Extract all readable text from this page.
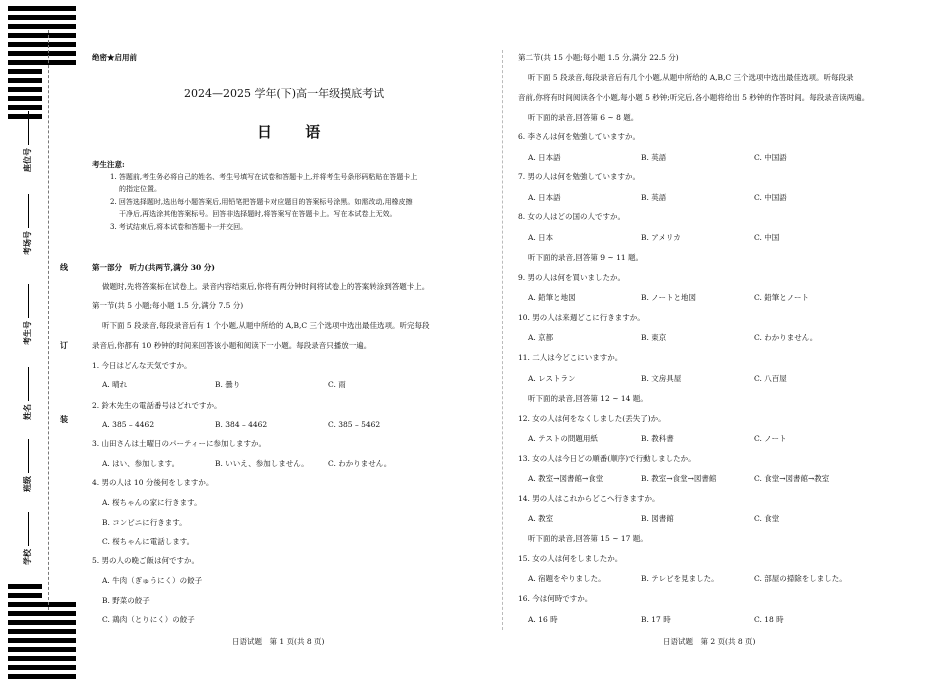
座位号
考场号
考生号
姓名
班级
学校
线
订
装
绝密★启用前
2024—2025 学年(下)高一年级摸底考试
日 语
考生注意:
1. 答题前,考生务必将自己的姓名、考生号填写在试卷和答题卡上,并将考生号条形码粘贴在答题卡上
的指定位置。
2. 回答选择题时,选出每小题答案后,用铅笔把答题卡对应题目的答案标号涂黑。如需改动,用橡皮擦
干净后,再选涂其他答案标号。回答非选择题时,将答案写在答题卡上。写在本试卷上无效。
3. 考试结束后,将本试卷和答题卡一并交回。
第一部分　听力(共两节,满分 30 分)
做题时,先将答案标在试卷上。录音内容结束后,你将有两分钟时间将试卷上的答案转涂到答题卡上。
第一节(共 5 小题;每小题 1.5 分,满分 7.5 分)
听下面 5 段录音,每段录音后有 1 个小题,从题中所给的 A,B,C 三个选项中选出最佳选项。听完每段
录音后,你都有 10 秒钟的时间来回答该小题和阅读下一小题。每段录音只播放一遍。
1. 今日はどんな天気ですか。
A. 晴れ	B. 曇り	C. 雨
2. 鈴木先生の電話番号はどれですか。
A. 385 – 4462	B. 384 – 4462	C. 385 – 5462
3. 山田さんは土曜日のパーティーに参加しますか。
A. はい、参加します。	B. いいえ、参加しません。	C. わかりません。
4. 男の人は 10 分後何をしますか。
A. 桜ちゃんの家に行きます。
B. コンビニに行きます。
C. 桜ちゃんに電話します。
5. 男の人の晩ご飯は何ですか。
A. 牛肉（ぎゅうにく）の餃子
B. 野菜の餃子
C. 鶏肉（とりにく）の餃子
日语试题　第 1 页(共 8 页)
第二节(共 15 小题;每小题 1.5 分,满分 22.5 分)
听下面 5 段录音,每段录音后有几个小题,从题中所给的 A,B,C 三个选项中选出最佳选项。听每段录
音前,你将有时间阅读各个小题,每小题 5 秒钟;听完后,各小题将给出 5 秒钟的作答时间。每段录音读两遍。
听下面的录音,回答第 6 ~ 8 题。
6. 李さんは何を勉強していますか。
A. 日本語	B. 英語	C. 中国語
7. 男の人は何を勉強していますか。
A. 日本語	B. 英語	C. 中国語
8. 女の人はどの国の人ですか。
A. 日本	B. アメリカ	C. 中国
听下面的录音,回答第 9 ~ 11 题。
9. 男の人は何を買いましたか。
A. 鉛筆と地図	B. ノートと地図	C. 鉛筆とノート
10. 男の人は来週どこに行きますか。
A. 京都	B. 東京	C. わかりません。
11. 二人は今どこにいますか。
A. レストラン	B. 文房具屋	C. 八百屋
听下面的录音,回答第 12 ~ 14 题。
12. 女の人は何をなくしました(丢失了)か。
A. テストの問題用紙	B. 教科書	C. ノート
13. 女の人は今日どの順番(顺序)で行動しましたか。
A. 教室→図書館→食堂	B. 教室→食堂→図書館	C. 食堂→図書館→教室
14. 男の人はこれからどこへ行きますか。
A. 教室	B. 図書館	C. 食堂
听下面的录音,回答第 15 ~ 17 题。
15. 女の人は何をしましたか。
A. 宿題をやりました。	B. テレビを見ました。	C. 部屋の掃除をしました。
16. 今は何時ですか。
A. 16 時	B. 17 時	C. 18 時
日语试题　第 2 页(共 8 页)
